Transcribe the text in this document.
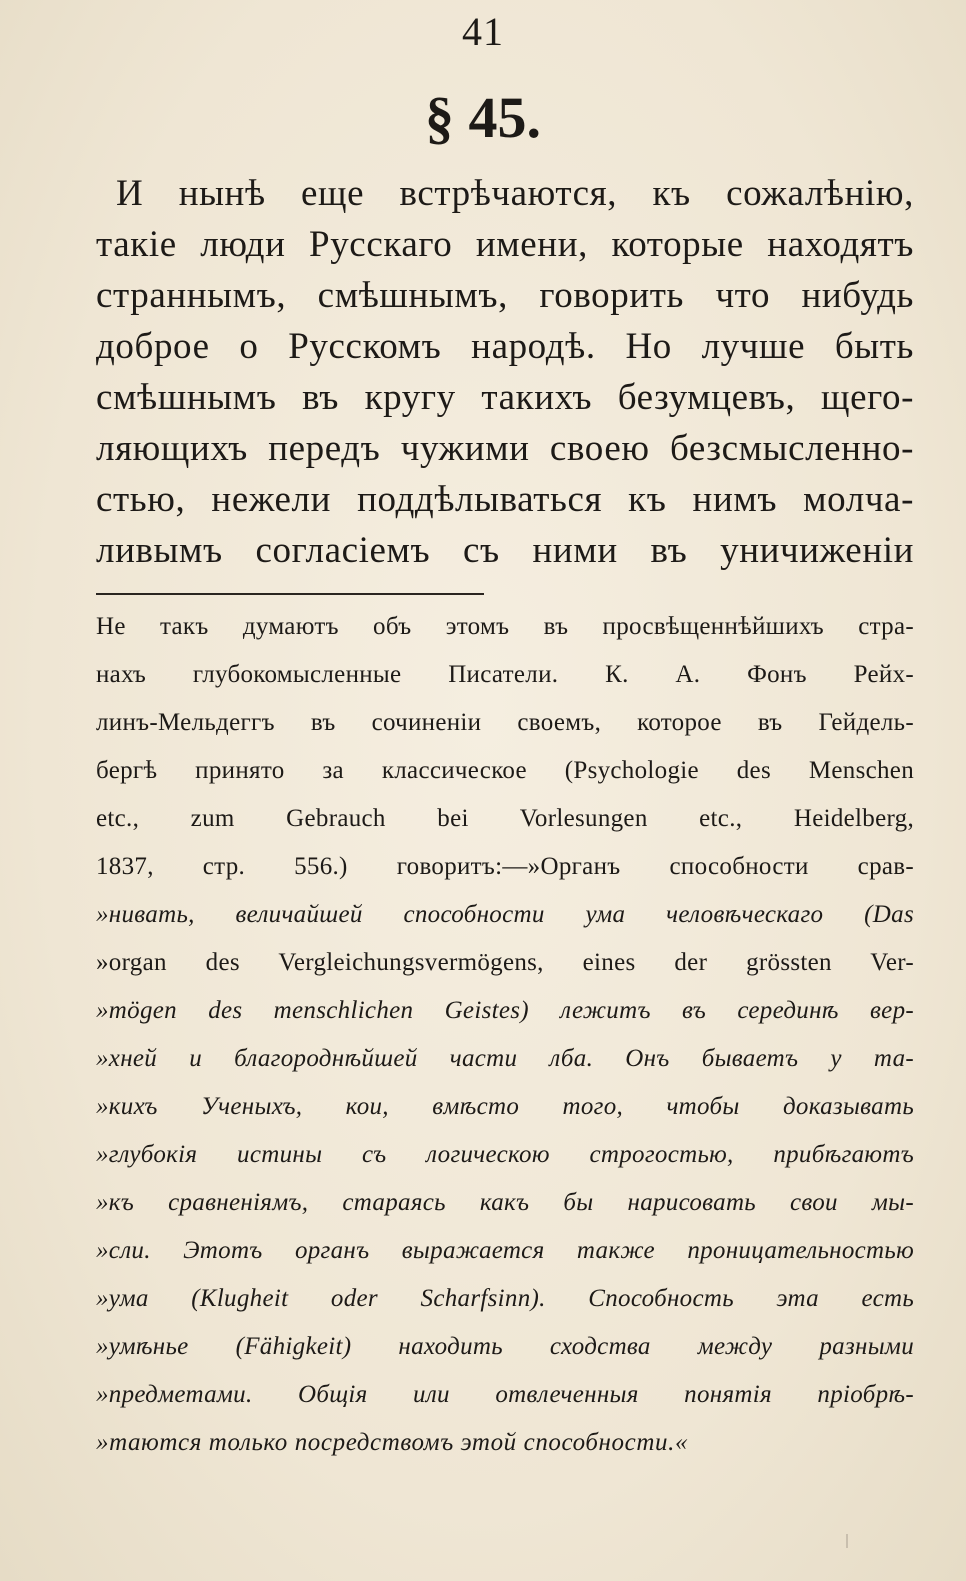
41
§ 45.
И нынѣ еще встрѣчаются, къ сожалѣнію,
такіе люди Русскаго имени, которые находятъ
страннымъ, смѣшнымъ, говорить что нибудь
доброе о Русскомъ народѣ. Но лучше быть
смѣшнымъ въ кругу такихъ безумцевъ, щего-
ляющихъ передъ чужими своею безсмысленно-
стью, нежели поддѣлываться къ нимъ молча-
ливымъ согласіемъ съ ними въ уничиженіи
Не такъ думаютъ объ этомъ въ просвѣщеннѣйшихъ стра-
нахъ глубокомысленные Писатели. К. А. Фонъ Рейх-
линъ-Мельдеггъ въ сочиненіи своемъ, которое въ Гейдель-
бергѣ принято за классическое (Psychologie des Menschen
etc., zum Gebrauch bei Vorlesungen etc., Heidelberg,
1837, стр. 556.) говоритъ:—»Органъ способности срав-
»нивать, величайшей способности ума человѣческаго (Das
»organ des Vergleichungsvermögens, eines der grössten Ver-
»mögen des menschlichen Geistes) лежитъ въ серединѣ вер-
»хней и благороднѣйшей части лба. Онъ бываетъ у та-
»кихъ Ученыхъ, кои, вмѣсто того, чтобы доказывать
»глубокія истины съ логическою строгостью, прибѣгаютъ
»къ сравненіямъ, стараясь какъ бы нарисовать свои мы-
»сли. Этотъ органъ выражается также проницательностью
»ума (Klugheit oder Scharfsinn). Способность эта есть
»умѣнье (Fähigkeit) находить сходства между разными
»предметами. Общія или отвлеченныя понятія пріобрѣ-
»таются только посредствомъ этой способности.«
